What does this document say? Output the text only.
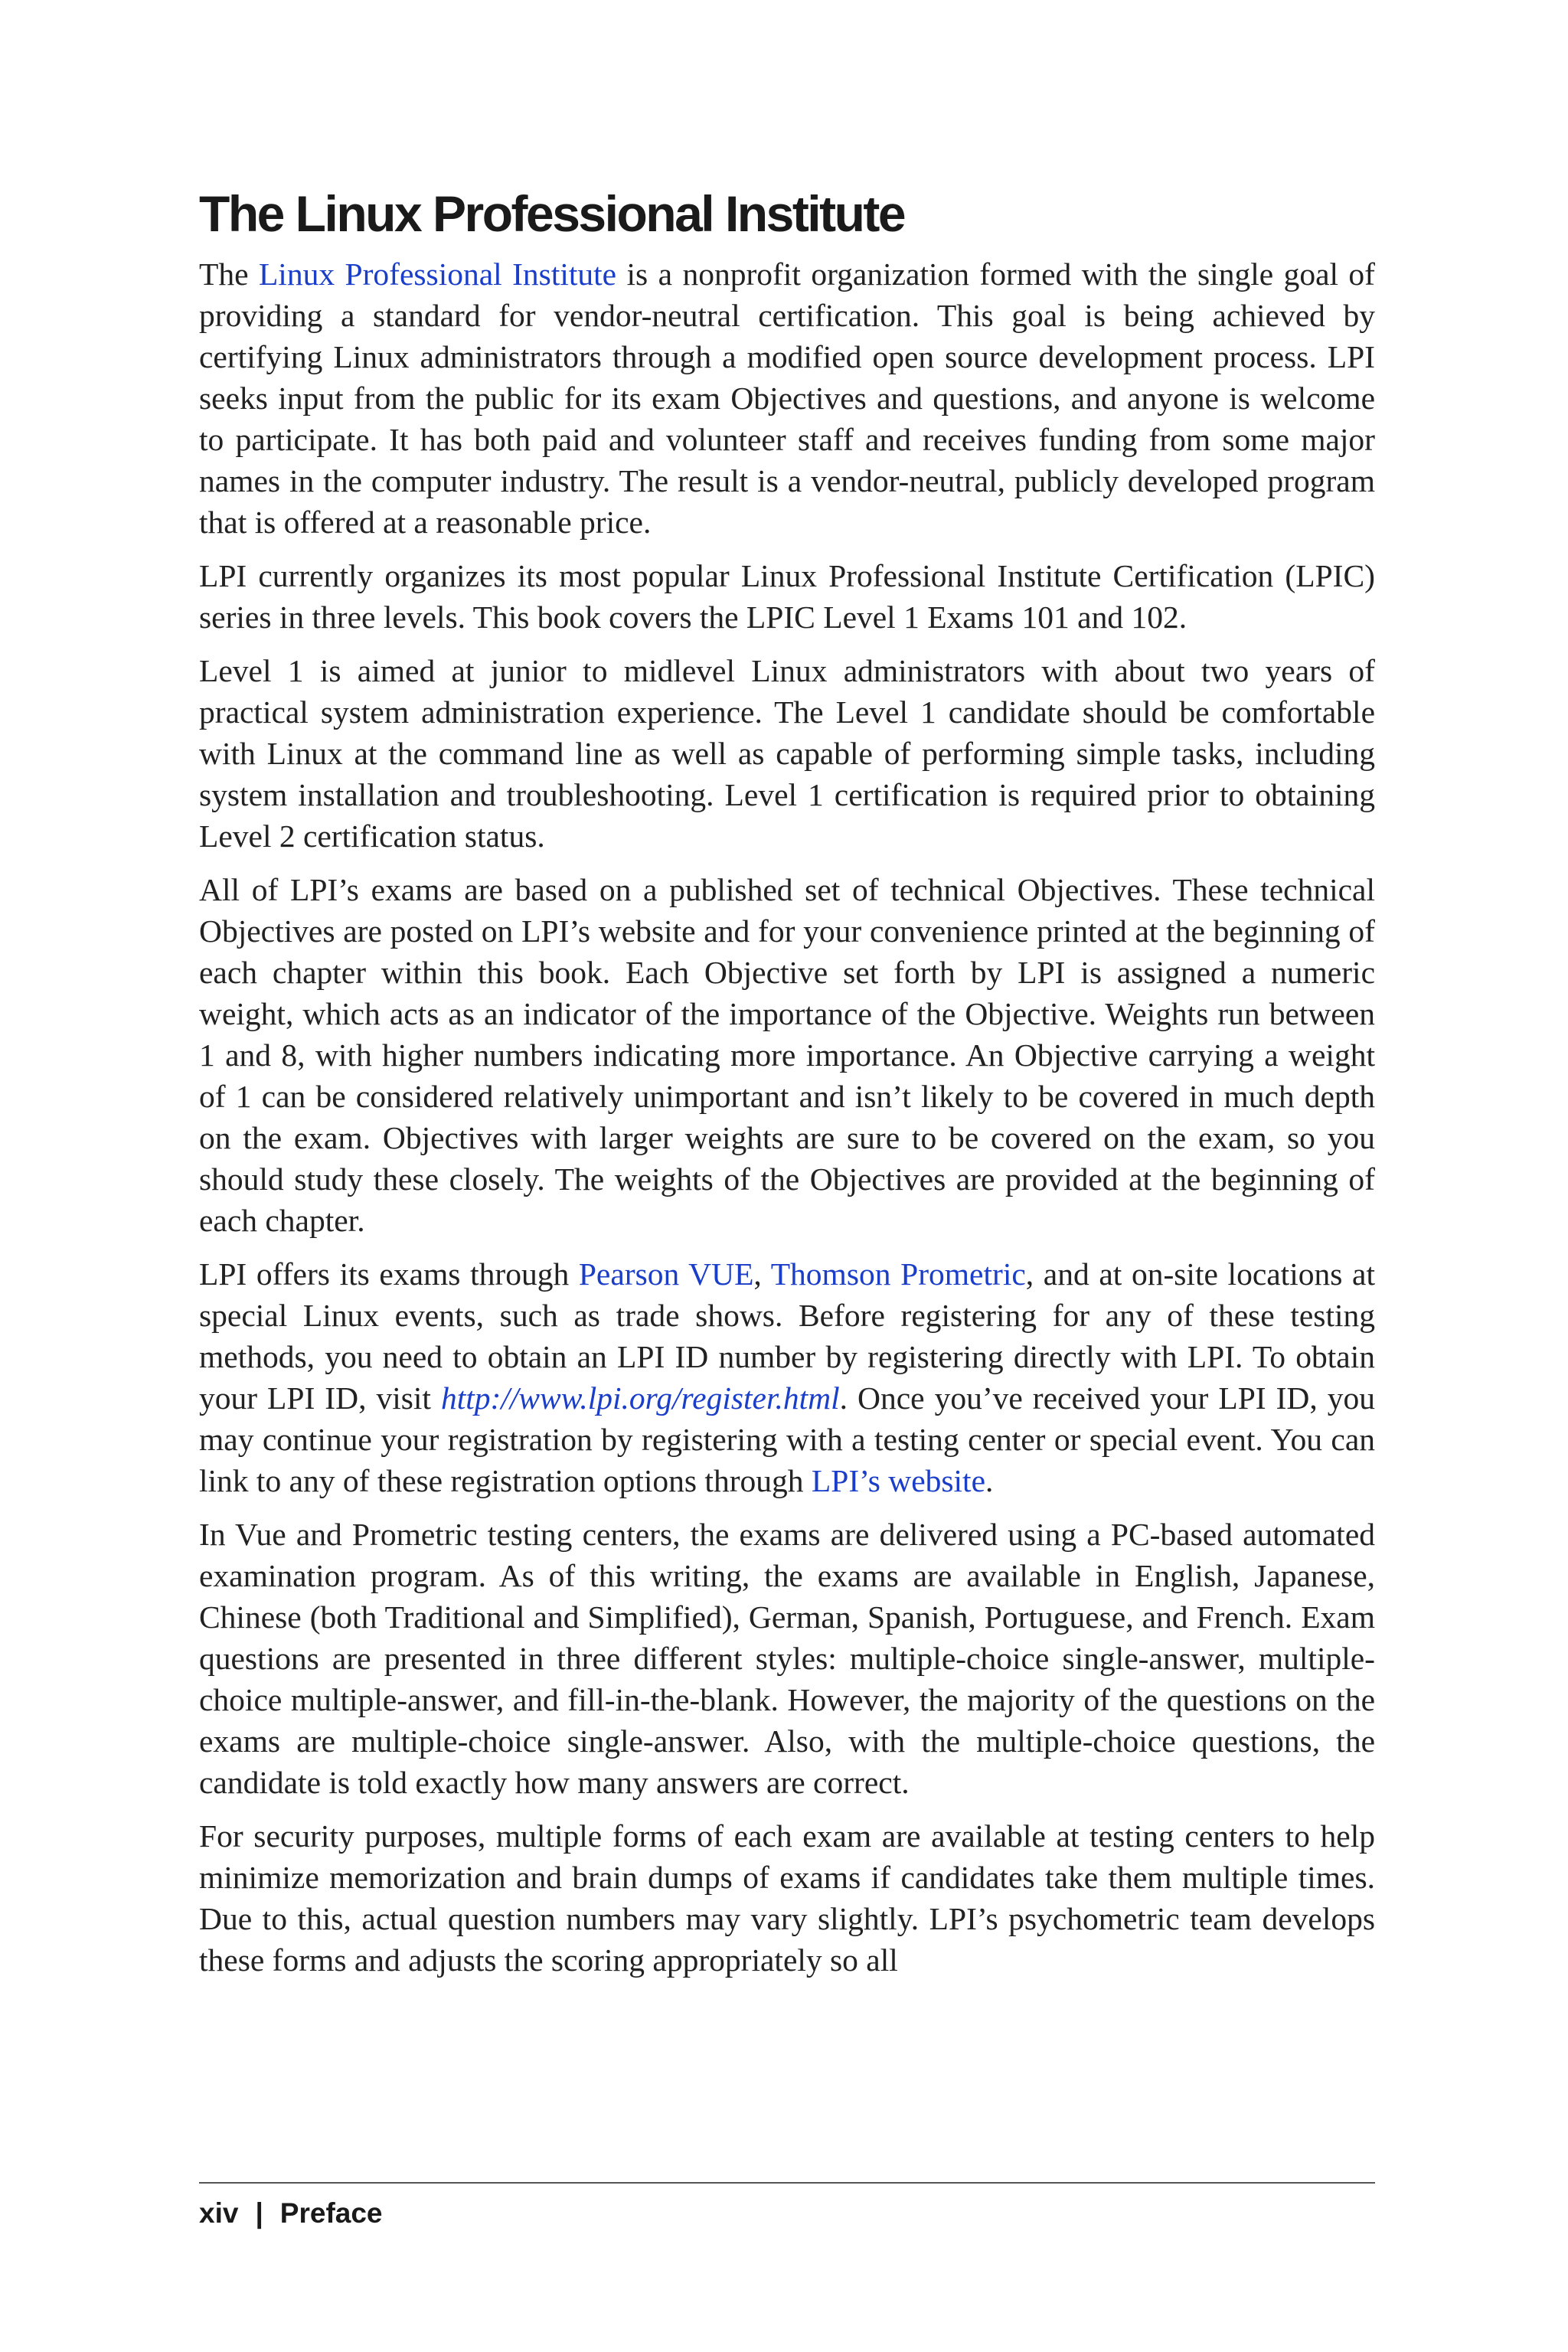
The Linux Professional Institute

The Linux Professional Institute is a nonprofit organization formed with the single goal of providing a standard for vendor-neutral certification. This goal is being achieved by certifying Linux administrators through a modified open source development process. LPI seeks input from the public for its exam Objectives and questions, and anyone is welcome to participate. It has both paid and volunteer staff and receives funding from some major names in the computer industry. The result is a vendor-neutral, publicly developed program that is offered at a reasonable price.

LPI currently organizes its most popular Linux Professional Institute Certification (LPIC) series in three levels. This book covers the LPIC Level 1 Exams 101 and 102.

Level 1 is aimed at junior to midlevel Linux administrators with about two years of practical system administration experience. The Level 1 candidate should be comfortable with Linux at the command line as well as capable of performing simple tasks, including system installation and troubleshooting. Level 1 certification is required prior to obtaining Level 2 certification status.

All of LPI’s exams are based on a published set of technical Objectives. These technical Objectives are posted on LPI’s website and for your convenience printed at the beginning of each chapter within this book. Each Objective set forth by LPI is assigned a numeric weight, which acts as an indicator of the importance of the Objective. Weights run between 1 and 8, with higher numbers indicating more importance. An Objective carrying a weight of 1 can be considered relatively unimportant and isn’t likely to be covered in much depth on the exam. Objectives with larger weights are sure to be covered on the exam, so you should study these closely. The weights of the Objectives are provided at the beginning of each chapter.

LPI offers its exams through Pearson VUE, Thomson Prometric, and at on-site locations at special Linux events, such as trade shows. Before registering for any of these testing methods, you need to obtain an LPI ID number by registering directly with LPI. To obtain your LPI ID, visit http://www.lpi.org/register.html. Once you’ve received your LPI ID, you may continue your registration by registering with a testing center or special event. You can link to any of these registration options through LPI’s website.

In Vue and Prometric testing centers, the exams are delivered using a PC-based automated examination program. As of this writing, the exams are available in English, Japanese, Chinese (both Traditional and Simplified), German, Spanish, Portuguese, and French. Exam questions are presented in three different styles: multiple-choice single-answer, multiple-choice multiple-answer, and fill-in-the-blank. However, the majority of the questions on the exams are multiple-choice single-answer. Also, with the multiple-choice questions, the candidate is told exactly how many answers are correct.

For security purposes, multiple forms of each exam are available at testing centers to help minimize memorization and brain dumps of exams if candidates take them multiple times. Due to this, actual question numbers may vary slightly. LPI’s psychometric team develops these forms and adjusts the scoring appropriately so all

xiv | Preface
